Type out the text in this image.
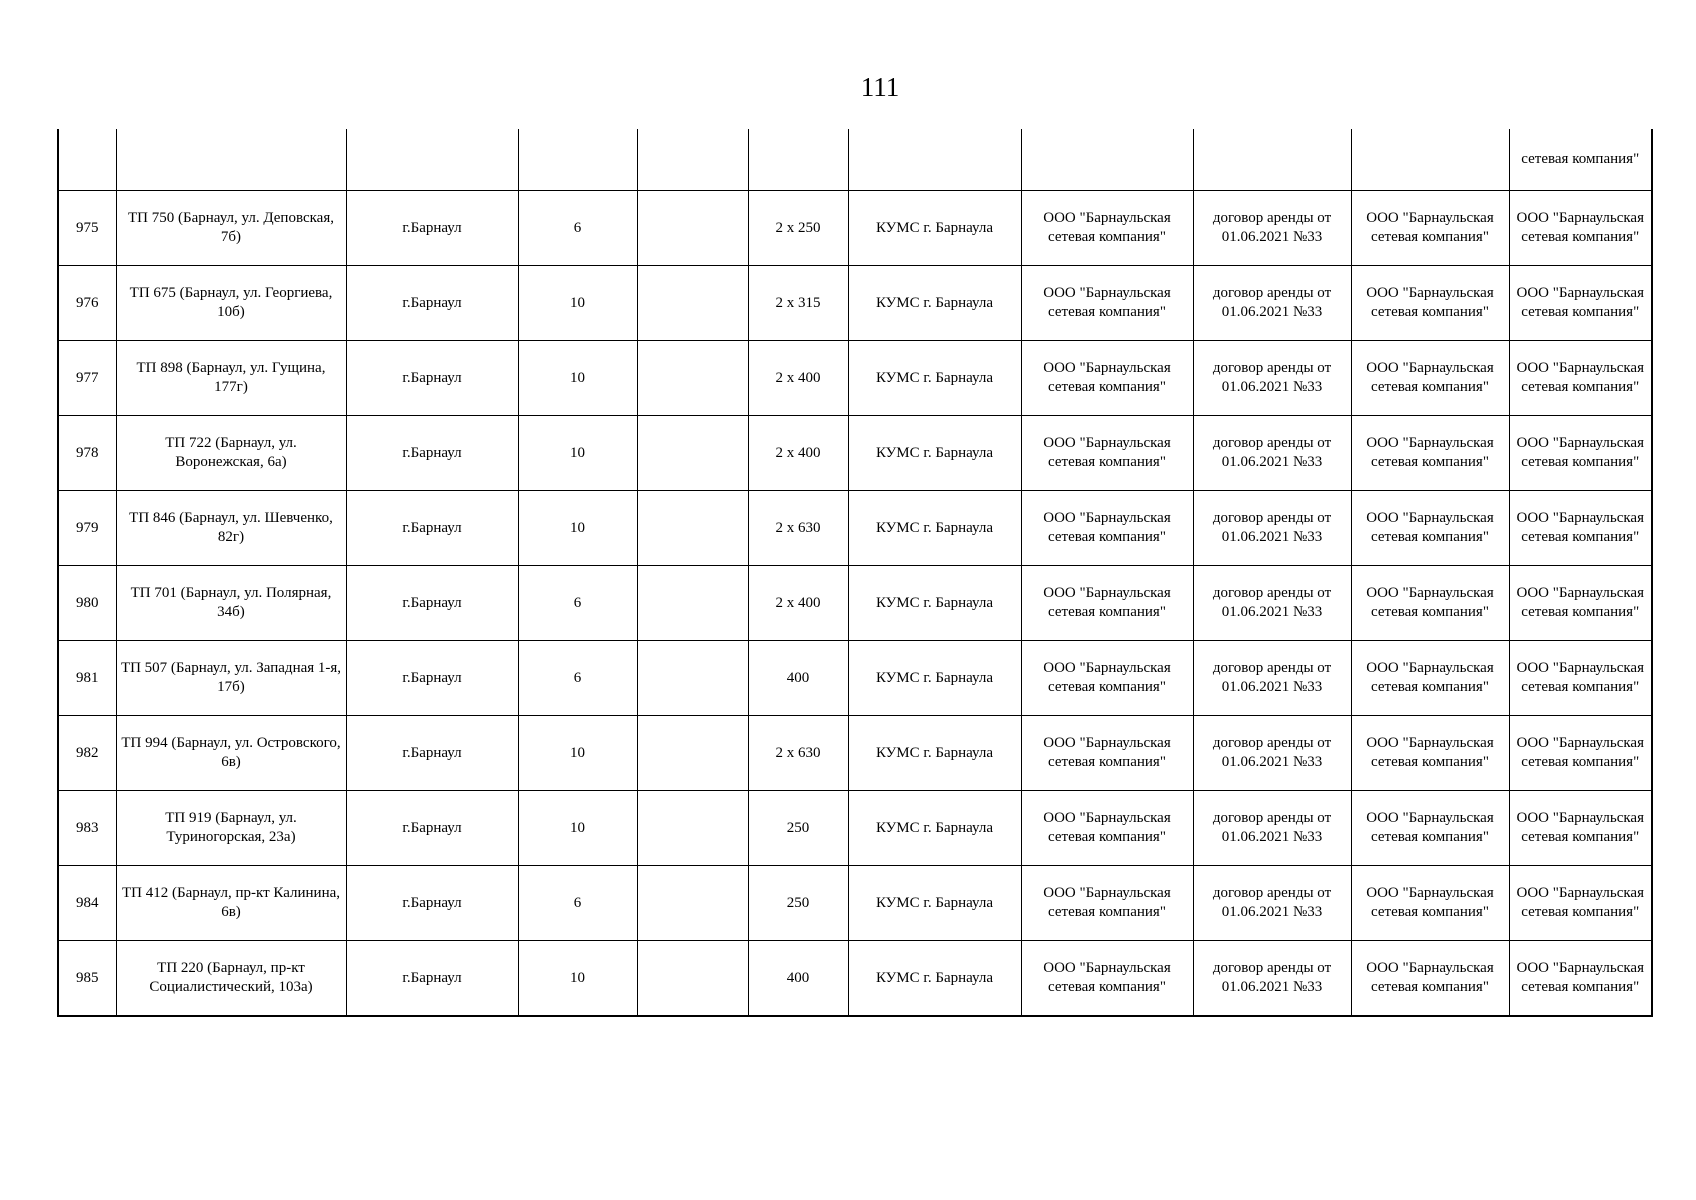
111
										сетевая компания"
975	ТП 750 (Барнаул, ул. Деповская, 7б)	г.Барнаул	6		2 х 250	КУМС г. Барнаула	ООО "Барнаульская сетевая компания"	договор аренды от 01.06.2021 №33	ООО "Барнаульская сетевая компания"	ООО "Барнаульская сетевая компания"
976	ТП 675 (Барнаул, ул. Георгиева, 10б)	г.Барнаул	10		2 х 315	КУМС г. Барнаула	ООО "Барнаульская сетевая компания"	договор аренды от 01.06.2021 №33	ООО "Барнаульская сетевая компания"	ООО "Барнаульская сетевая компания"
977	ТП 898 (Барнаул, ул. Гущина, 177г)	г.Барнаул	10		2 х 400	КУМС г. Барнаула	ООО "Барнаульская сетевая компания"	договор аренды от 01.06.2021 №33	ООО "Барнаульская сетевая компания"	ООО "Барнаульская сетевая компания"
978	ТП 722 (Барнаул, ул. Воронежская, 6а)	г.Барнаул	10		2 х 400	КУМС г. Барнаула	ООО "Барнаульская сетевая компания"	договор аренды от 01.06.2021 №33	ООО "Барнаульская сетевая компания"	ООО "Барнаульская сетевая компания"
979	ТП 846 (Барнаул, ул. Шевченко, 82г)	г.Барнаул	10		2 х 630	КУМС г. Барнаула	ООО "Барнаульская сетевая компания"	договор аренды от 01.06.2021 №33	ООО "Барнаульская сетевая компания"	ООО "Барнаульская сетевая компания"
980	ТП 701 (Барнаул, ул. Полярная, 34б)	г.Барнаул	6		2 х 400	КУМС г. Барнаула	ООО "Барнаульская сетевая компания"	договор аренды от 01.06.2021 №33	ООО "Барнаульская сетевая компания"	ООО "Барнаульская сетевая компания"
981	ТП 507 (Барнаул, ул. Западная 1-я, 17б)	г.Барнаул	6		400	КУМС г. Барнаула	ООО "Барнаульская сетевая компания"	договор аренды от 01.06.2021 №33	ООО "Барнаульская сетевая компания"	ООО "Барнаульская сетевая компания"
982	ТП 994 (Барнаул, ул. Островского, 6в)	г.Барнаул	10		2 х 630	КУМС г. Барнаула	ООО "Барнаульская сетевая компания"	договор аренды от 01.06.2021 №33	ООО "Барнаульская сетевая компания"	ООО "Барнаульская сетевая компания"
983	ТП 919 (Барнаул, ул. Туриногорская, 23а)	г.Барнаул	10		250	КУМС г. Барнаула	ООО "Барнаульская сетевая компания"	договор аренды от 01.06.2021 №33	ООО "Барнаульская сетевая компания"	ООО "Барнаульская сетевая компания"
984	ТП 412 (Барнаул, пр-кт Калинина, 6в)	г.Барнаул	6		250	КУМС г. Барнаула	ООО "Барнаульская сетевая компания"	договор аренды от 01.06.2021 №33	ООО "Барнаульская сетевая компания"	ООО "Барнаульская сетевая компания"
985	ТП 220 (Барнаул, пр-кт Социалистический, 103а)	г.Барнаул	10		400	КУМС г. Барнаула	ООО "Барнаульская сетевая компания"	договор аренды от 01.06.2021 №33	ООО "Барнаульская сетевая компания"	ООО "Барнаульская сетевая компания"
